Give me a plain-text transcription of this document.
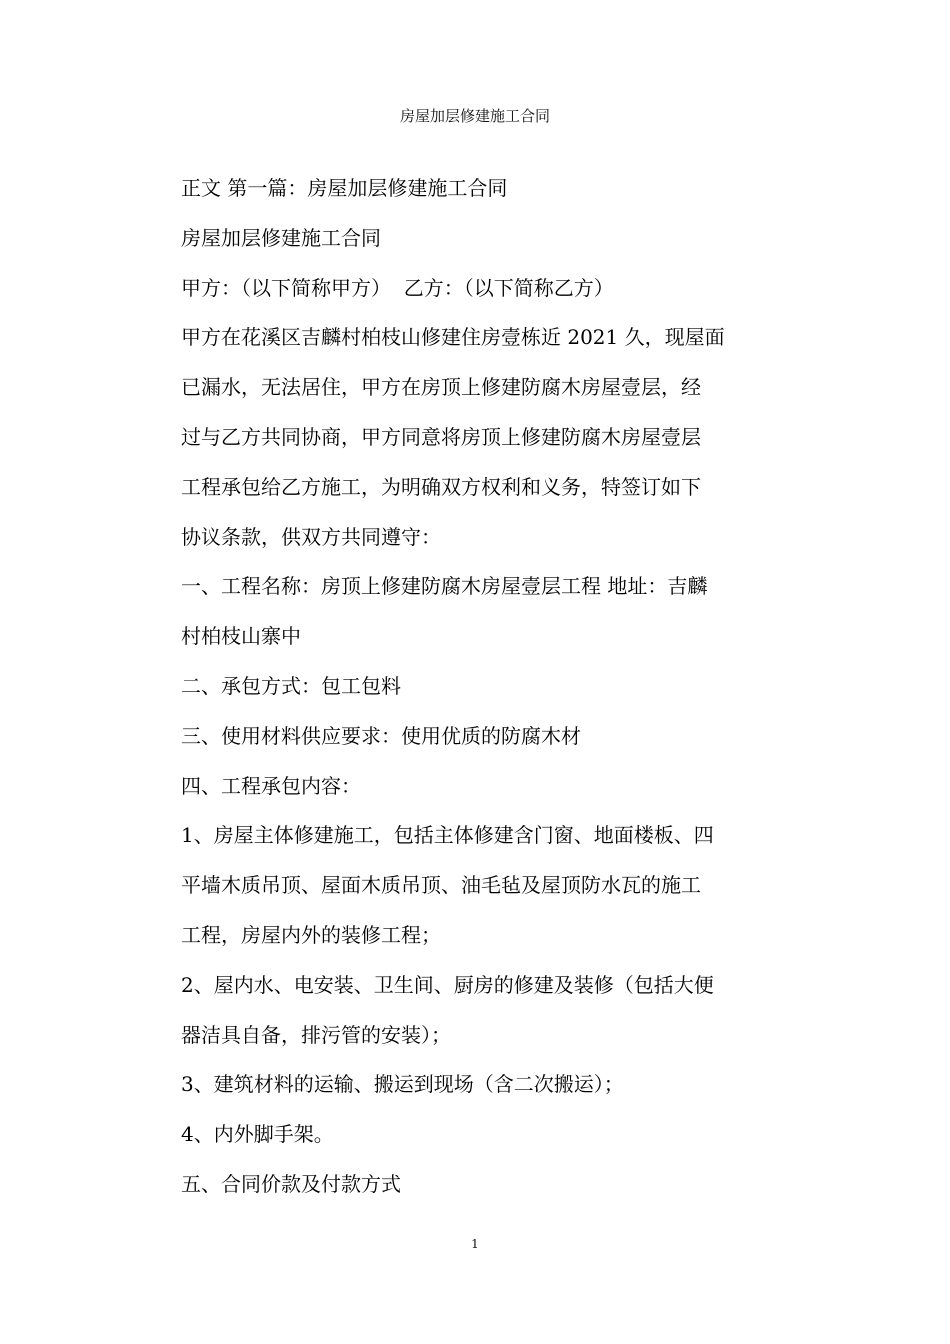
房屋加层修建施工合同

正文 第一篇：房屋加层修建施工合同

房屋加层修建施工合同

甲方：（以下简称甲方）  乙方：（以下简称乙方）

甲方在花溪区吉麟村柏枝山修建住房壹栋近 2021 久，现屋面

已漏水，无法居住，甲方在房顶上修建防腐木房屋壹层，经

过与乙方共同协商，甲方同意将房顶上修建防腐木房屋壹层

工程承包给乙方施工，为明确双方权利和义务，特签订如下

协议条款，供双方共同遵守：

一、工程名称：房顶上修建防腐木房屋壹层工程 地址：吉麟

村柏枝山寨中

二、承包方式：包工包料

三、使用材料供应要求：使用优质的防腐木材

四、工程承包内容：

1、房屋主体修建施工，包括主体修建含门窗、地面楼板、四

平墙木质吊顶、屋面木质吊顶、油毛毡及屋顶防水瓦的施工

工程，房屋内外的装修工程；

2、屋内水、电安装、卫生间、厨房的修建及装修（包括大便

器洁具自备，排污管的安装）；

3、建筑材料的运输、搬运到现场（含二次搬运）；

4、内外脚手架。

五、合同价款及付款方式

1
